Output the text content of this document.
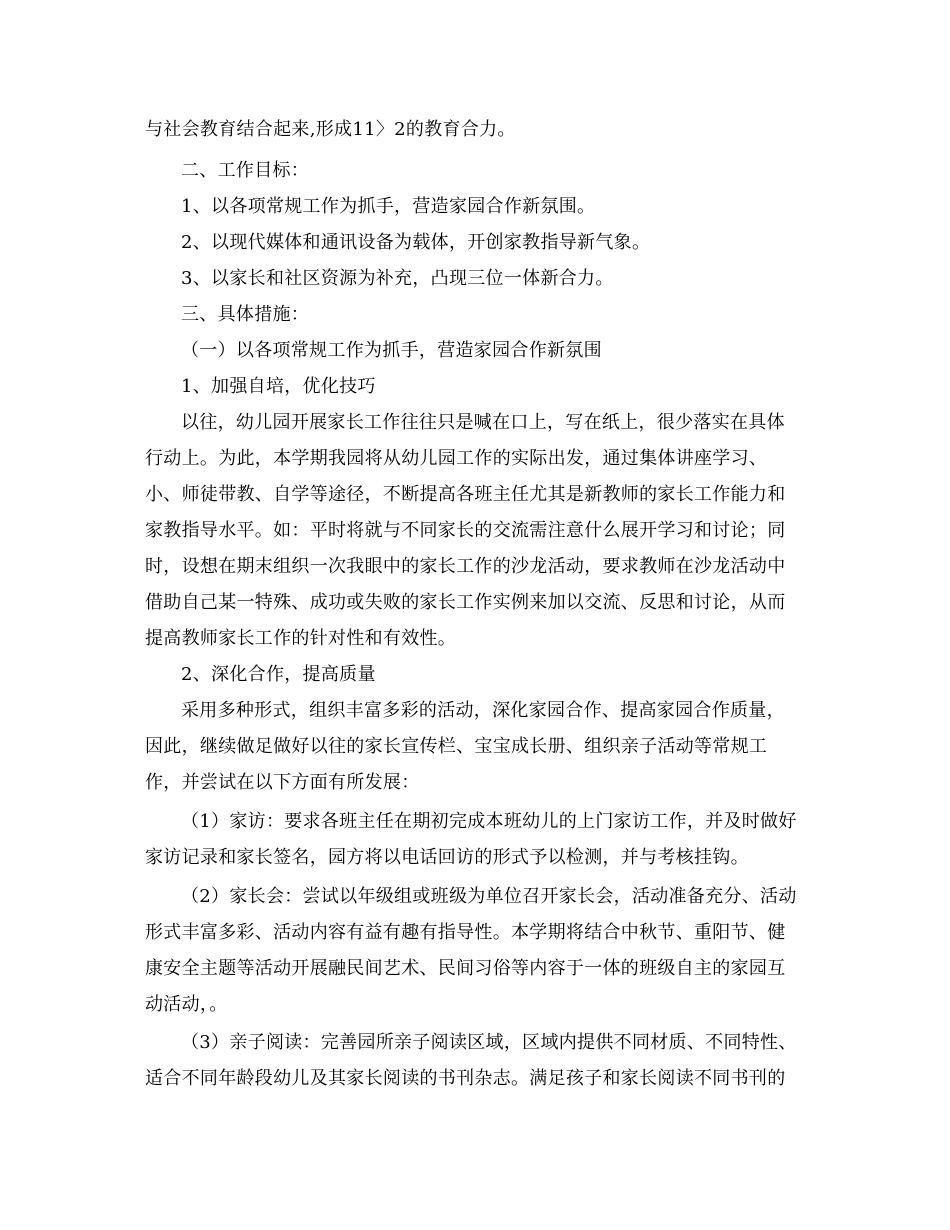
与社会教育结合起来,形成11〉2的教育合力。
二、工作目标：
1、以各项常规工作为抓手，营造家园合作新氛围。
2、以现代媒体和通讯设备为载体，开创家教指导新气象。
3、以家长和社区资源为补充，凸现三位一体新合力。
三、具体措施：
（一）以各项常规工作为抓手，营造家园合作新氛围
1、加强自培，优化技巧
以往，幼儿园开展家长工作往往只是喊在口上，写在纸上，很少落实在具体
行动上。为此，本学期我园将从幼儿园工作的实际出发，通过集体讲座学习、
小、师徒带教、自学等途径，不断提高各班主任尤其是新教师的家长工作能力和
家教指导水平。如：平时将就与不同家长的交流需注意什么展开学习和讨论；同
时，设想在期末组织一次我眼中的家长工作的沙龙活动，要求教师在沙龙活动中
借助自己某一特殊、成功或失败的家长工作实例来加以交流、反思和讨论，从而
提高教师家长工作的针对性和有效性。
2、深化合作，提高质量
采用多种形式，组织丰富多彩的活动，深化家园合作、提高家园合作质量，
因此，继续做足做好以往的家长宣传栏、宝宝成长册、组织亲子活动等常规工
作，并尝试在以下方面有所发展：
（1）家访：要求各班主任在期初完成本班幼儿的上门家访工作，并及时做好
家访记录和家长签名，园方将以电话回访的形式予以检测，并与考核挂钩。
（2）家长会：尝试以年级组或班级为单位召开家长会，活动准备充分、活动
形式丰富多彩、活动内容有益有趣有指导性。本学期将结合中秋节、重阳节、健
康安全主题等活动开展融民间艺术、民间习俗等内容于一体的班级自主的家园互
动活动，。
（3）亲子阅读：完善园所亲子阅读区域，区域内提供不同材质、不同特性、
适合不同年龄段幼儿及其家长阅读的书刊杂志。满足孩子和家长阅读不同书刊的
